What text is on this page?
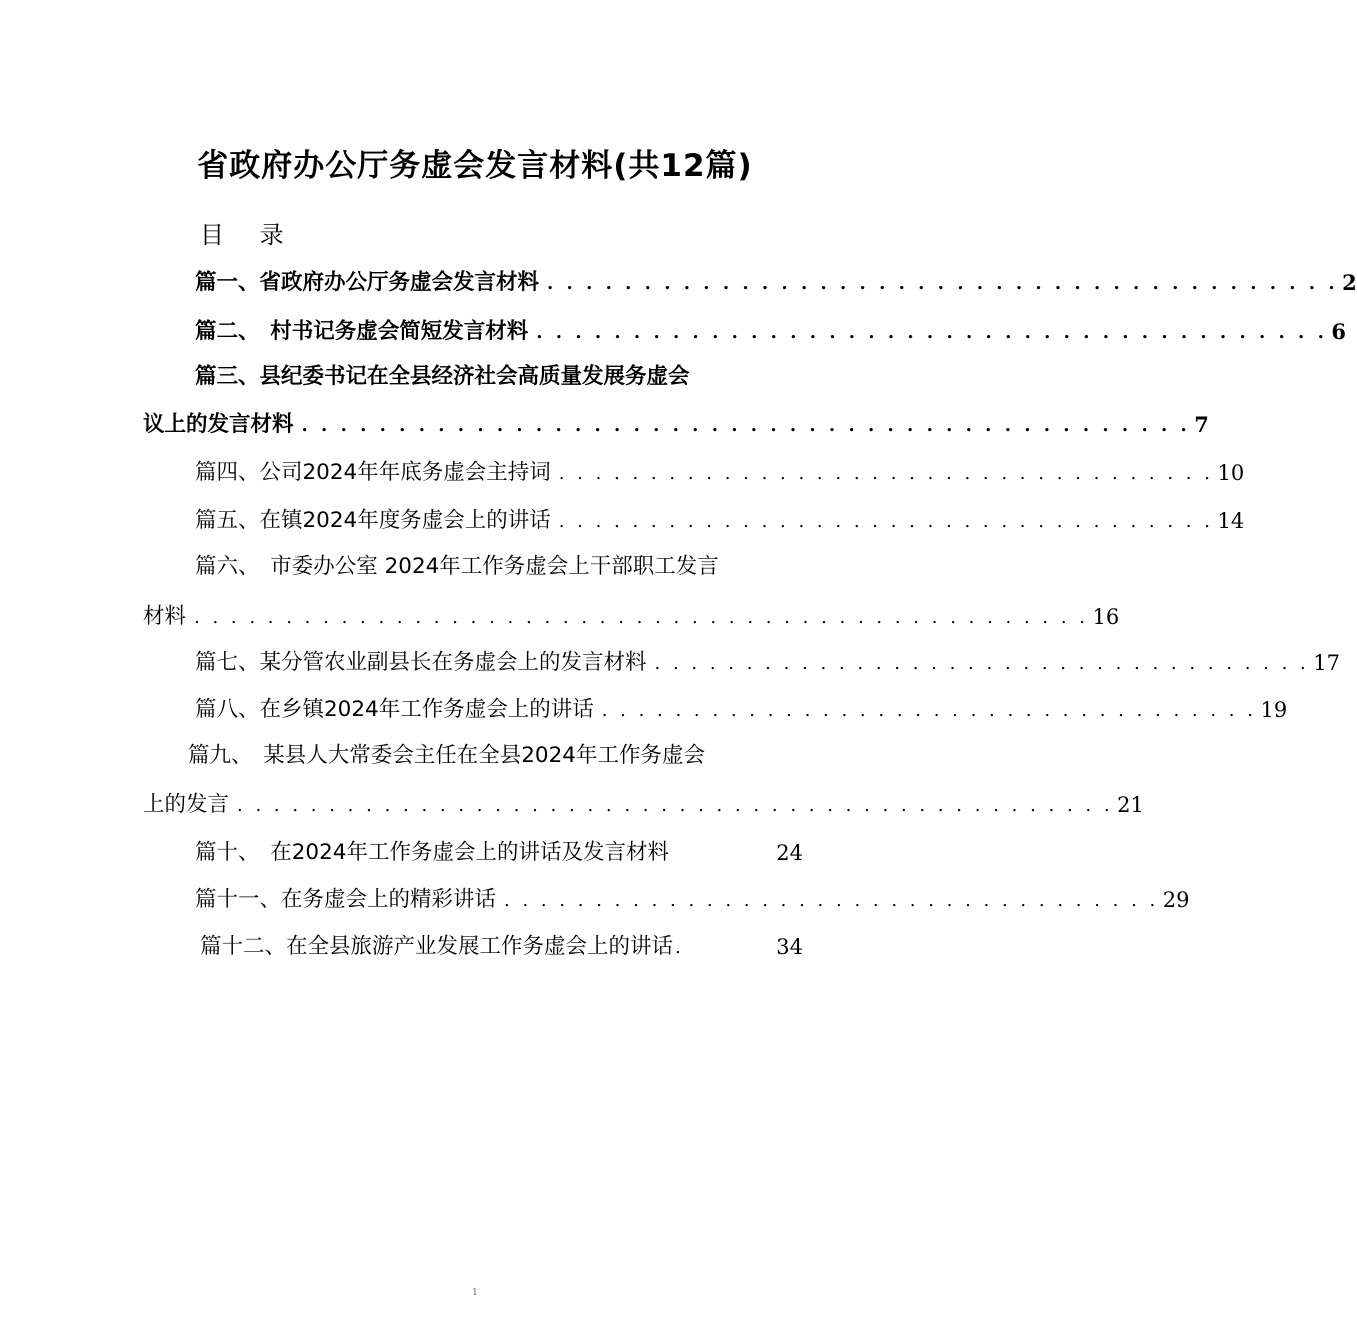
省政府办公厅务虚会发言材料(共12篇)
目 录
篇一、省政府办公厅务虚会发言材料 . . . . . . . . . . . . . . . . . . . . . . . . . . . . . . . . . . . . . . . . . 2
篇二、　村书记务虚会简短发言材料 . . . . . . . . . . . . . . . . . . . . . . . . . . . . . . . . . . . . . . . . . 6
篇三、县纪委书记在全县经济社会高质量发展务虚会
议上的发言材料 . . . . . . . . . . . . . . . . . . . . . . . . . . . . . . . . . . . . . . . . . . . . . . 7
篇四、公司2024年年底务虚会主持词 . . . . . . . . . . . . . . . . . . . . . . . . . . . . . . . . . . . . 10
篇五、在镇2024年度务虚会上的讲话 . . . . . . . . . . . . . . . . . . . . . . . . . . . . . . . . . . . . 14
篇六、　市委办公室 2024年工作务虚会上干部职工发言
材料 . . . . . . . . . . . . . . . . . . . . . . . . . . . . . . . . . . . . . . . . . . . . . . . . . 16
篇七、某分管农业副县长在务虚会上的发言材料 . . . . . . . . . . . . . . . . . . . . . . . . . . . . . . . . . . . . 17
篇八、在乡镇2024年工作务虚会上的讲话 . . . . . . . . . . . . . . . . . . . . . . . . . . . . . . . . . . . . 19
篇九、　某县人大常委会主任在全县2024年工作务虚会
上的发言 . . . . . . . . . . . . . . . . . . . . . . . . . . . . . . . . . . . . . . . . . . . . . . . . 21
篇十、　在2024年工作务虚会上的讲话及发言材料	24
篇十一、在务虚会上的精彩讲话 . . . . . . . . . . . . . . . . . . . . . . . . . . . . . . . . . . . . 29
篇十二、在全县旅游产业发展工作务虚会上的讲话 .	34
1
